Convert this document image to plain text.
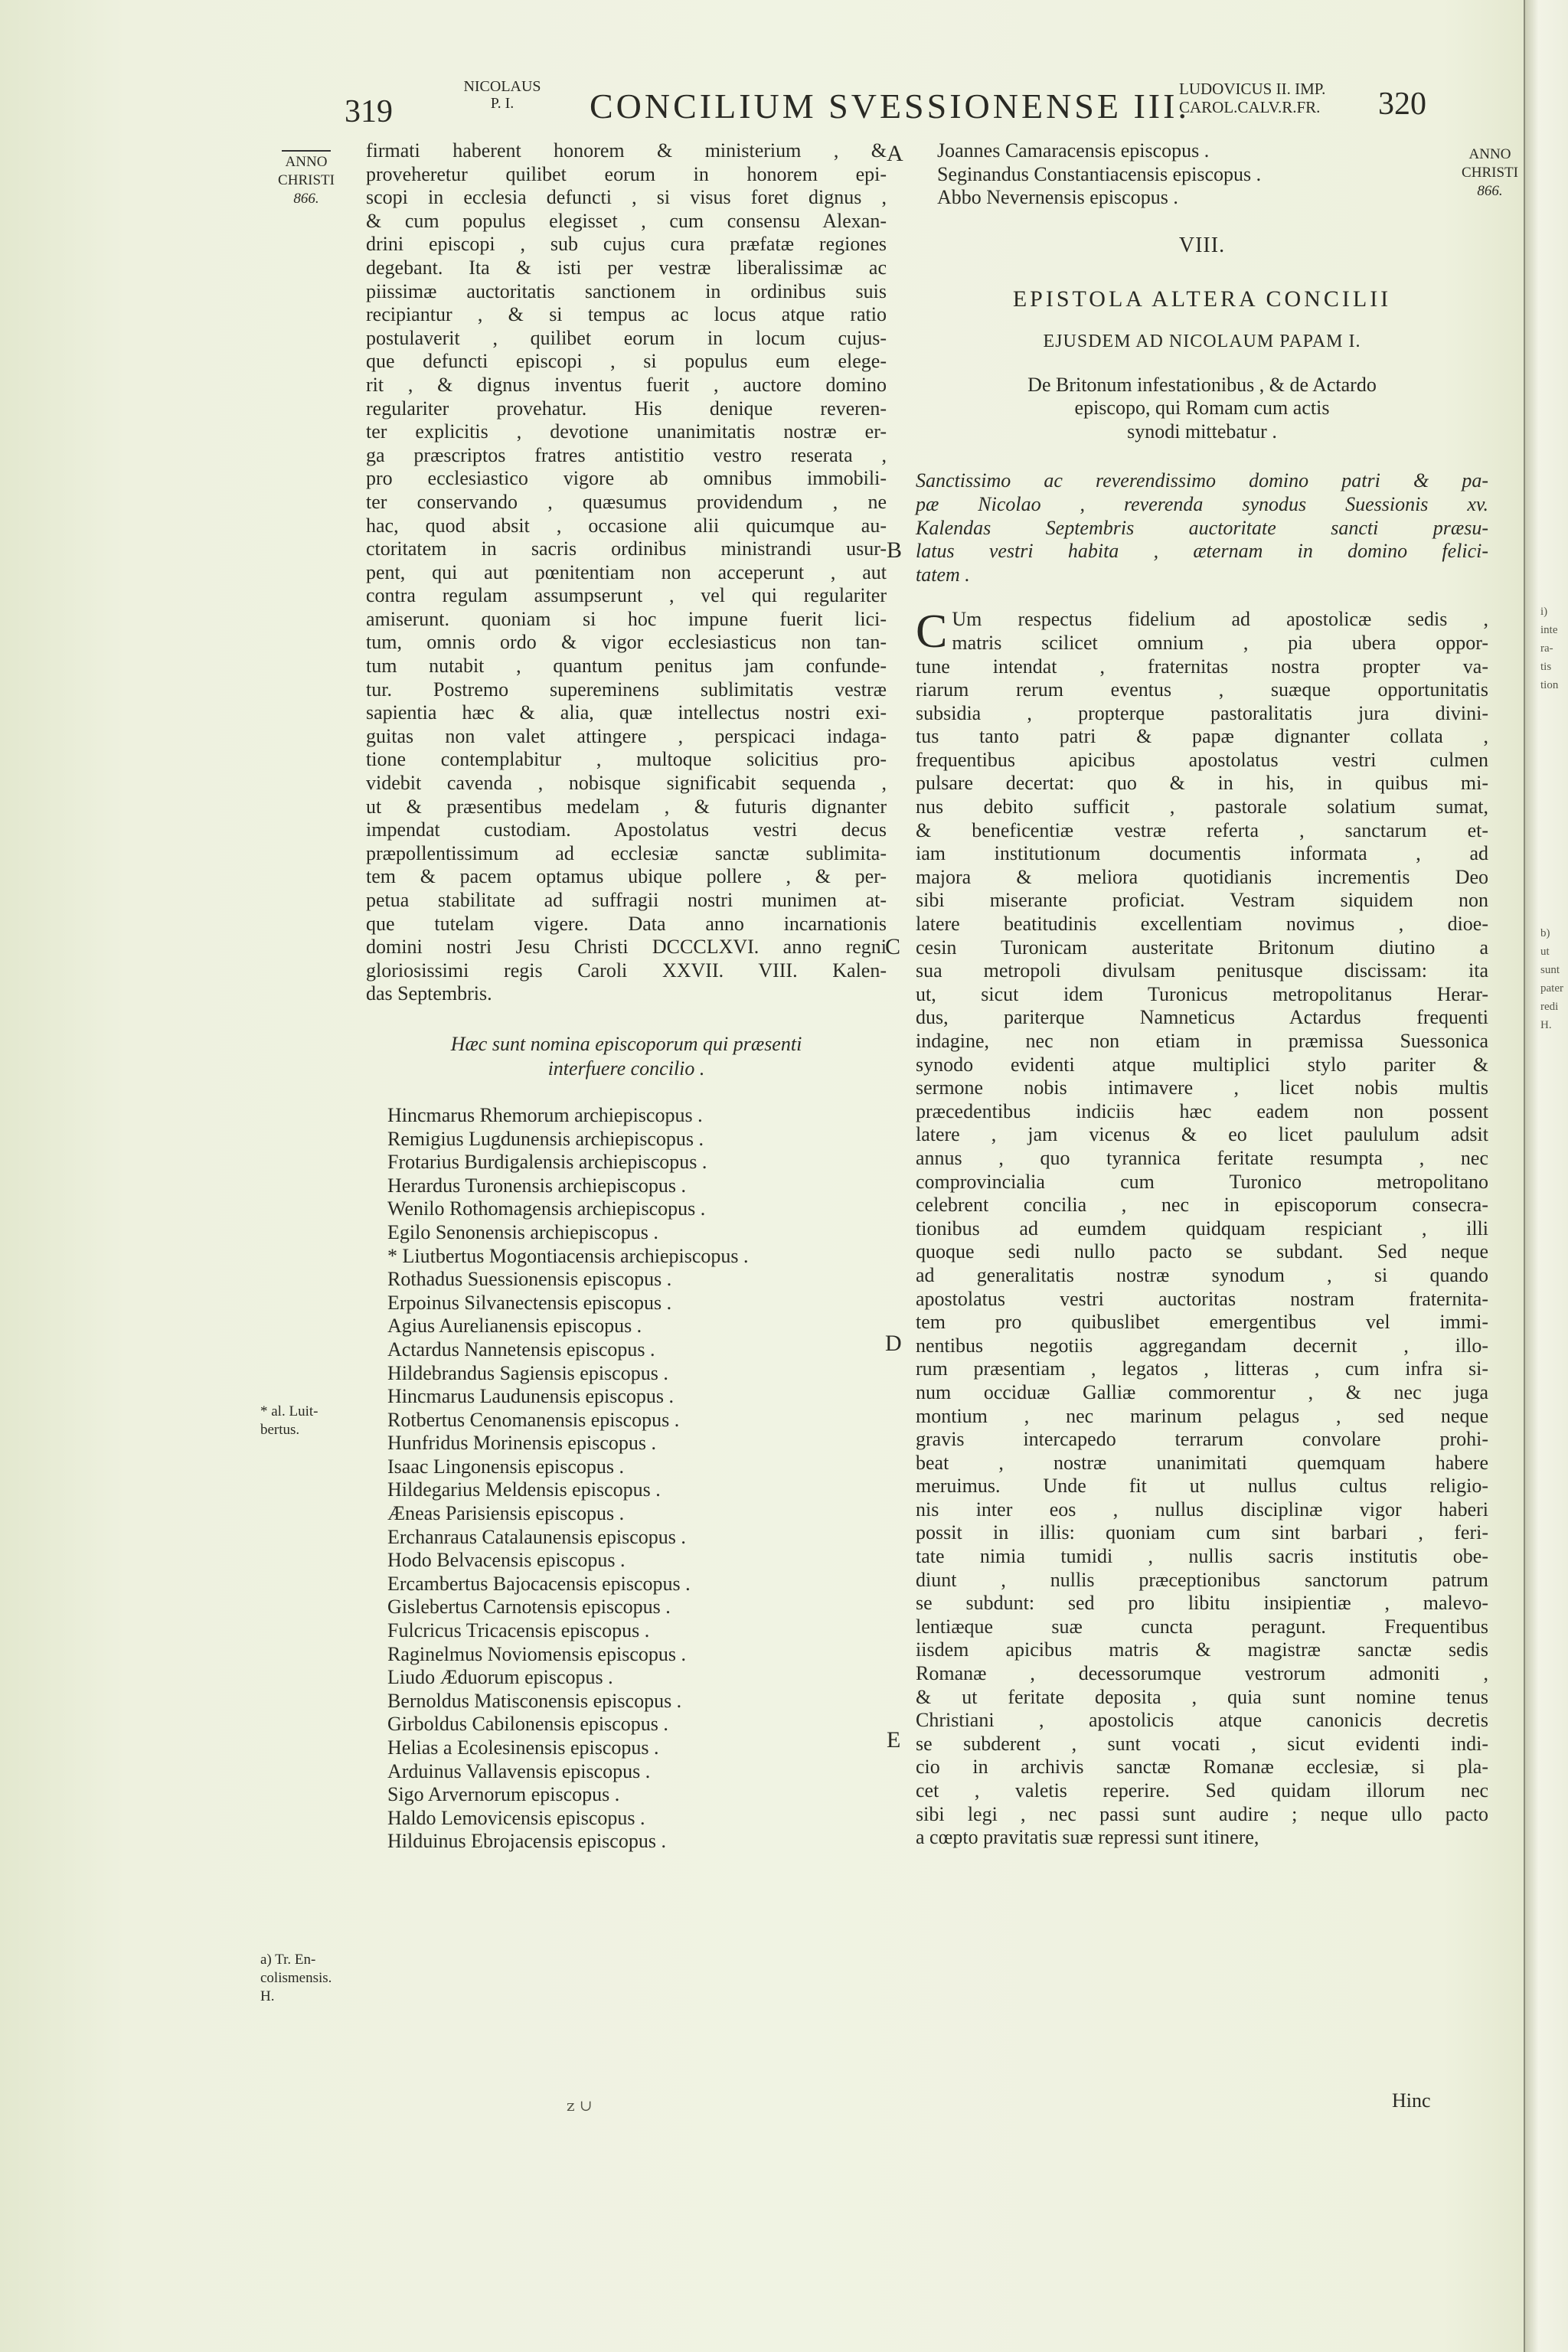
319
NICOLAUS
P. I.	CONCILIUM SVESSIONENSE III.
LUDOVICUS II. IMP.
CAROL.CALV.R.FR. 320
ANNO
CHRISTI
866.
ANNO
CHRISTI
866.
A
B
C
D
E
* al. Luit-
bertus.
a) Tr. En-
colismensis.
H.
firmati haberent honorem & ministerium , &
proveheretur quilibet eorum in honorem epi-
scopi in ecclesia defuncti , si visus foret dignus ,
& cum populus elegisset , cum consensu Alexan-
drini episcopi , sub cujus cura præfatæ regiones
degebant. Ita & isti per vestræ liberalissimæ ac
piissimæ auctoritatis sanctionem in ordinibus suis
recipiantur , & si tempus ac locus atque ratio
postulaverit , quilibet eorum in locum cujus-
que defuncti episcopi , si populus eum elege-
rit , & dignus inventus fuerit , auctore domino
regulariter provehatur. His denique reveren-
ter explicitis , devotione unanimitatis nostræ er-
ga præscriptos fratres antistitio vestro reserata ,
pro ecclesiastico vigore ab omnibus immobili-
ter conservando , quæsumus providendum , ne
hac, quod absit , occasione alii quicumque au-
ctoritatem in sacris ordinibus ministrandi usur-
pent, qui aut pœnitentiam non acceperunt , aut
contra regulam assumpserunt , vel qui regulariter
amiserunt. quoniam si hoc impune fuerit lici-
tum, omnis ordo & vigor ecclesiasticus non tan-
tum nutabit , quantum penitus jam confunde-
tur. Postremo supereminens sublimitatis vestræ
sapientia hæc & alia, quæ intellectus nostri exi-
guitas non valet attingere , perspicaci indaga-
tione contemplabitur , multoque solicitius pro-
videbit cavenda , nobisque significabit sequenda ,
ut & præsentibus medelam , & futuris dignanter
impendat custodiam. Apostolatus vestri decus
præpollentissimum ad ecclesiæ sanctæ sublimita-
tem & pacem optamus ubique pollere , & per-
petua stabilitate ad suffragii nostri munimen at-
que tutelam vigere. Data anno incarnationis
domini nostri Jesu Christi DCCCLXVI. anno regni
gloriosissimi regis Caroli XXVII. VIII. Kalen-
das Septembris.
Hæc sunt nomina episcoporum qui præsenti
interfuere concilio .
Hincmarus Rhemorum archiepiscopus .
Remigius Lugdunensis archiepiscopus .
Frotarius Burdigalensis archiepiscopus .
Herardus Turonensis archiepiscopus .
Wenilo Rothomagensis archiepiscopus .
Egilo Senonensis archiepiscopus .
* Liutbertus Mogontiacensis archiepiscopus .
Rothadus Suessionensis episcopus .
Erpoinus Silvanectensis episcopus .
Agius Aurelianensis episcopus .
Actardus Nannetensis episcopus .
Hildebrandus Sagiensis episcopus .
Hincmarus Laudunensis episcopus .
Rotbertus Cenomanensis episcopus .
Hunfridus Morinensis episcopus .
Isaac Lingonensis episcopus .
Hildegarius Meldensis episcopus .
Æneas Parisiensis episcopus .
Erchanraus Catalaunensis episcopus .
Hodo Belvacensis episcopus .
Ercambertus Bajocacensis episcopus .
Gislebertus Carnotensis episcopus .
Fulcricus Tricacensis episcopus .
Raginelmus Noviomensis episcopus .
Liudo Æduorum episcopus .
Bernoldus Matisconensis episcopus .
Girboldus Cabilonensis episcopus .
Helias a Ecolesinensis episcopus .
Arduinus Vallavensis episcopus .
Sigo Arvernorum episcopus .
Haldo Lemovicensis episcopus .
Hilduinus Ebrojacensis episcopus .
Joannes Camaracensis episcopus .
Seginandus Constantiacensis episcopus .
Abbo Nevernensis episcopus .
VIII.
EPISTOLA ALTERA CONCILII
EJUSDEM AD NICOLAUM PAPAM I.
De Britonum infestationibus , & de Actardo
episcopo, qui Romam cum actis
synodi mittebatur .
Sanctissimo ac reverendissimo domino patri & pa-
pæ Nicolao , reverenda synodus Suessionis xv.
Kalendas Septembris auctoritate sancti præsu-
latus vestri habita , æternam in domino felici-
tatem .
C Um respectus fidelium ad apostolicæ sedis ,
matris scilicet omnium , pia ubera oppor-
tune intendat , fraternitas nostra propter va-
riarum rerum eventus , suæque opportunitatis
subsidia , propterque pastoralitatis jura divini-
tus tanto patri & papæ dignanter collata ,
frequentibus apicibus apostolatus vestri culmen
pulsare decertat: quo & in his, in quibus mi-
nus debito sufficit , pastorale solatium sumat,
& beneficentiæ vestræ referta , sanctarum et-
iam institutionum documentis informata , ad
majora & meliora quotidianis incrementis Deo
sibi miserante proficiat. Vestram siquidem non
latere beatitudinis excellentiam novimus , dioe-
cesin Turonicam austeritate Britonum diutino a
sua metropoli divulsam penitusque discissam: ita
ut, sicut idem Turonicus metropolitanus Herar-
dus, pariterque Namneticus Actardus frequenti
indagine, nec non etiam in præmissa Suessonica
synodo evidenti atque multiplici stylo pariter &
sermone nobis intimavere , licet nobis multis
præcedentibus indiciis hæc eadem non possent
latere , jam vicenus & eo licet paululum adsit
annus , quo tyrannica feritate resumpta , nec
comprovincialia cum Turonico metropolitano
celebrent concilia , nec in episcoporum consecra-
tionibus ad eumdem quidquam respiciant , illi
quoque sedi nullo pacto se subdant. Sed neque
ad generalitatis nostræ synodum , si quando
apostolatus vestri auctoritas nostram fraternita-
tem pro quibuslibet emergentibus vel immi-
nentibus negotiis aggregandam decernit , illo-
rum præsentiam , legatos , litteras , cum infra si-
num occiduæ Galliæ commorentur , & nec juga
montium , nec marinum pelagus , sed neque
gravis intercapedo terrarum convolare prohi-
beat , nostræ unanimitati quemquam habere
meruimus. Unde fit ut nullus cultus religio-
nis inter eos , nullus disciplinæ vigor haberi
possit in illis: quoniam cum sint barbari , feri-
tate nimia tumidi , nullis sacris institutis obe-
diunt , nullis præceptionibus sanctorum patrum
se subdunt: sed pro libitu insipientiæ , malevo-
lentiæque suæ cuncta peragunt. Frequentibus
iisdem apicibus matris & magistræ sanctæ sedis
Romanæ , decessorumque vestrorum admoniti ,
& ut feritate deposita , quia sunt nomine tenus
Christiani , apostolicis atque canonicis decretis
se subderent , sunt vocati , sicut evidenti indi-
cio in archivis sanctæ Romanæ ecclesiæ, si pla-
cet , valetis reperire. Sed quidam illorum nec
sibi legi , nec passi sunt audire ; neque ullo pacto
a cœpto pravitatis suæ repressi sunt itinere,
Hinc
z ∪
i)
inte
ra-
tis
tion
b)
ut
sunt
pater
redi
H.
